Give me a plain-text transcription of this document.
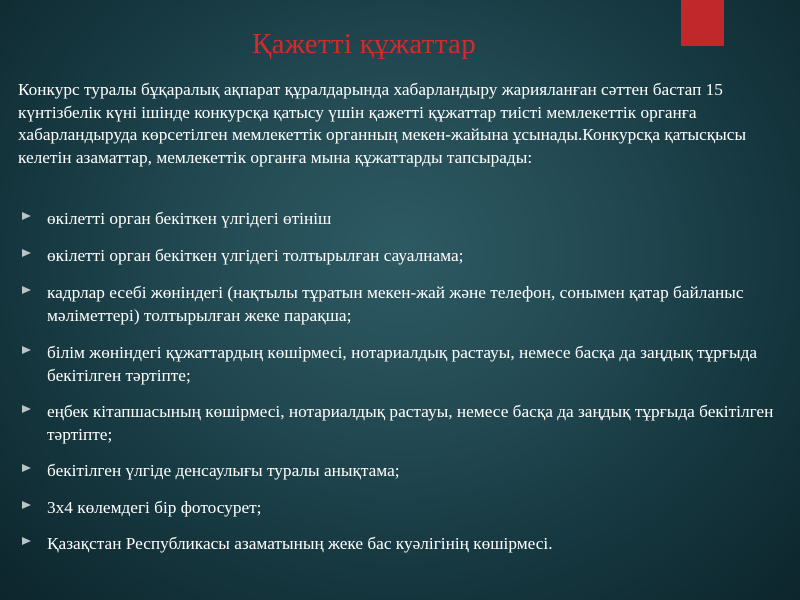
Қажетті құжаттар

Конкурс туралы бұқаралық ақпарат құралдарында хабарландыру жарияланған сәттен бастап 15 күнтізбелік күні ішінде конкурсқа қатысу үшін қажетті құжаттар тиісті мемлекеттік органға хабарландыруда көрсетілген мемлекеттік органның мекен-жайына ұсынады.Конкурсқа қатысқысы келетін азаматтар, мемлекеттік органға мына құжаттарды тапсырады:

өкілетті орган бекіткен үлгідегі өтініш
өкілетті орган бекіткен үлгідегі толтырылған сауалнама;
кадрлар есебі жөніндегі (нақтылы тұратын мекен-жай және телефон, сонымен қатар байланыс мәліметтері) толтырылған жеке парақша;
білім жөніндегі құжаттардың көшірмесі, нотариалдық растауы, немесе басқа да заңдық тұрғыда бекітілген тәртіпте;
еңбек кітапшасының көшірмесі, нотариалдық растауы, немесе басқа да заңдық тұрғыда бекітілген тәртіпте;
бекітілген үлгіде денсаулығы туралы анықтама;
3х4 көлемдегі бір фотосурет;
Қазақстан Республикасы азаматының жеке бас куәлігінің көшірмесі.
